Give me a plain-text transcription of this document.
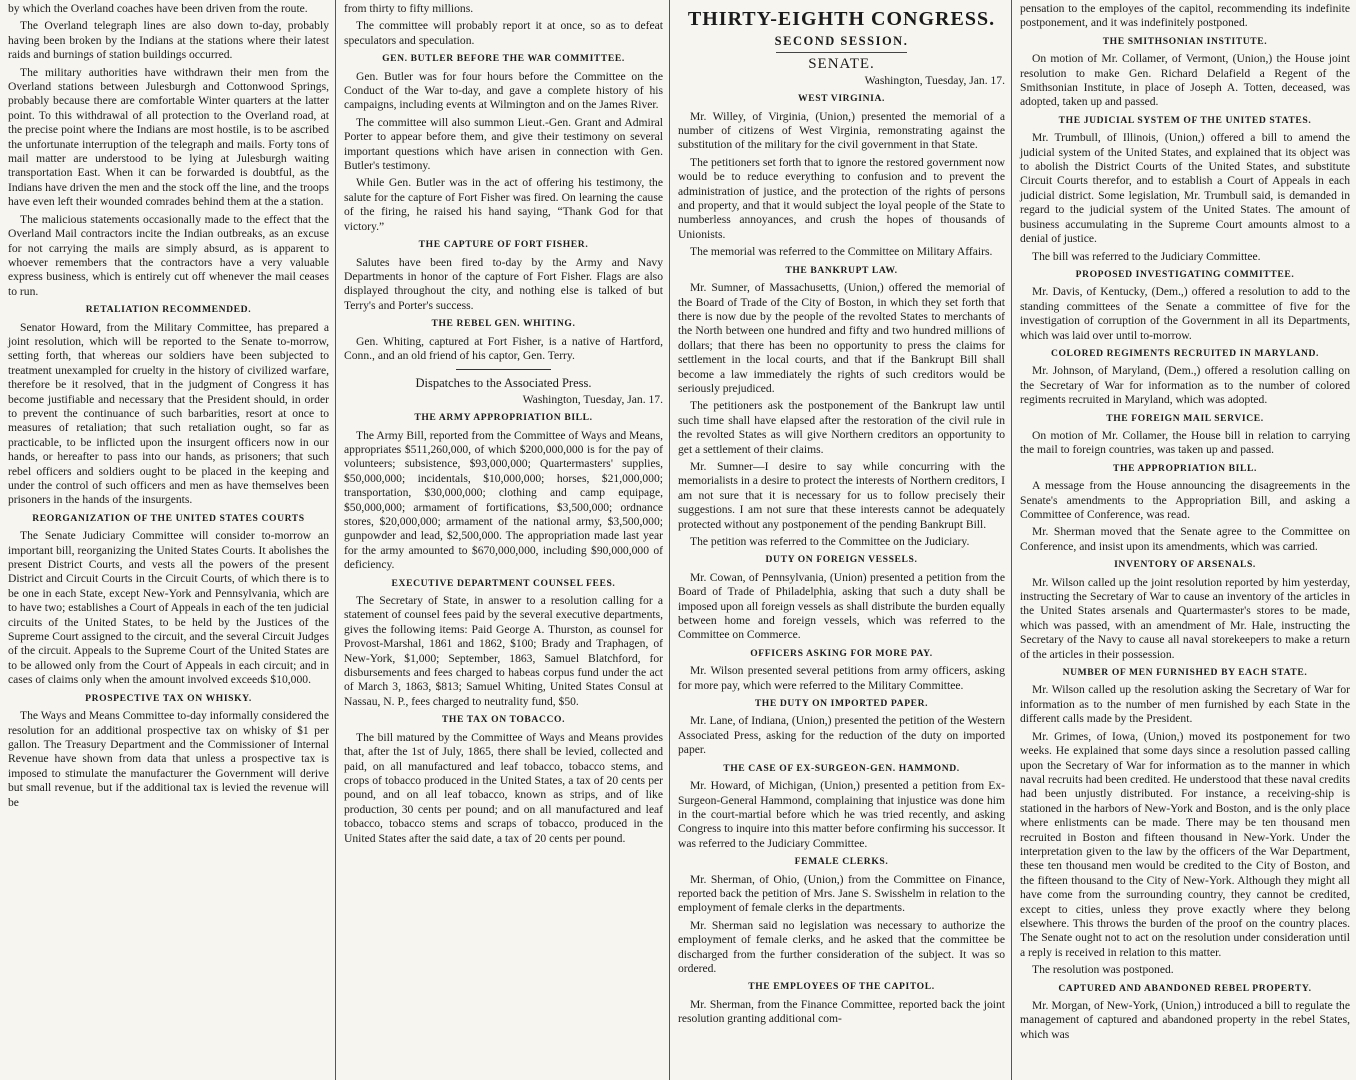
by which the Overland coaches have been driven from the route.

The Overland telegraph lines are also down to-day, probably having been broken by the Indians at the stations where their latest raids and burnings of station buildings occurred.

The military authorities have withdrawn their men from the Overland stations between Julesburgh and Cottonwood Springs, probably because there are comfortable Winter quarters at the latter point. To this withdrawal of all protection to the Overland road, at the precise point where the Indians are most hostile, is to be ascribed the unfortunate interruption of the telegraph and mails. Forty tons of mail matter are understood to be lying at Julesburgh waiting transportation East. When it can be forwarded is doubtful, as the Indians have driven the men and the stock off the line, and the troops have even left their wounded comrades behind them at the a station.

The malicious statements occasionally made to the effect that the Overland Mail contractors incite the Indian outbreaks, as an excuse for not carrying the mails are simply absurd, as is apparent to whoever remembers that the contractors have a very valuable express business, which is entirely cut off whenever the mail ceases to run.

RETALIATION RECOMMENDED.

Senator Howard, from the Military Committee, has prepared a joint resolution, which will be reported to the Senate to-morrow, setting forth, that whereas our soldiers have been subjected to treatment unexampled for cruelty in the history of civilized warfare, therefore be it resolved, that in the judgment of Congress it has become justifiable and necessary that the President should, in order to prevent the continuance of such barbarities, resort at once to measures of retaliation; that such retaliation ought, so far as practicable, to be inflicted upon the insurgent officers now in our hands, or hereafter to pass into our hands, as prisoners; that such rebel officers and soldiers ought to be placed in the keeping and under the control of such officers and men as have themselves been prisoners in the hands of the insurgents.

REORGANIZATION OF THE UNITED STATES COURTS

The Senate Judiciary Committee will consider to-morrow an important bill, reorganizing the United States Courts. It abolishes the present District Courts, and vests all the powers of the present District and Circuit Courts in the Circuit Courts, of which there is to be one in each State, except New-York and Pennsylvania, which are to have two; establishes a Court of Appeals in each of the ten judicial circuits of the United States, to be held by the Justices of the Supreme Court assigned to the circuit, and the several Circuit Judges of the circuit. Appeals to the Supreme Court of the United States are to be allowed only from the Court of Appeals in each circuit; and in cases of claims only when the amount involved exceeds $10,000.

PROSPECTIVE TAX ON WHISKY.

The Ways and Means Committee to-day informally considered the resolution for an additional prospective tax on whisky of $1 per gallon. The Treasury Department and the Commissioner of Internal Revenue have shown from data that unless a prospective tax is imposed to stimulate the manufacturer the Government will derive but small revenue, but if the additional tax is levied the revenue will be

from thirty to fifty millions.

The committee will probably report it at once, so as to defeat speculators and speculation.

GEN. BUTLER BEFORE THE WAR COMMITTEE.

Gen. Butler was for four hours before the Committee on the Conduct of the War to-day, and gave a complete history of his campaigns, including events at Wilmington and on the James River.

The committee will also summon Lieut.-Gen. Grant and Admiral Porter to appear before them, and give their testimony on several important questions which have arisen in connection with Gen. Butler's testimony.

While Gen. Butler was in the act of offering his testimony, the salute for the capture of Fort Fisher was fired. On learning the cause of the firing, he raised his hand saying, “Thank God for that victory.”

THE CAPTURE OF FORT FISHER.

Salutes have been fired to-day by the Army and Navy Departments in honor of the capture of Fort Fisher. Flags are also displayed throughout the city, and nothing else is talked of but Terry's and Porter's success.

THE REBEL GEN. WHITING.

Gen. Whiting, captured at Fort Fisher, is a native of Hartford, Conn., and an old friend of his captor, Gen. Terry.

Dispatches to the Associated Press.
Washington, Tuesday, Jan. 17.
THE ARMY APPROPRIATION BILL.

The Army Bill, reported from the Committee of Ways and Means, appropriates $511,260,000, of which $200,000,000 is for the pay of volunteers; subsistence, $93,000,000; Quartermasters' supplies, $50,000,000; incidentals, $10,000,000; horses, $21,000,000; transportation, $30,000,000; clothing and camp equipage, $50,000,000; armament of fortifications, $3,500,000; ordnance stores, $20,000,000; armament of the national army, $3,500,000; gunpowder and lead, $2,500,000. The appropriation made last year for the army amounted to $670,000,000, including $90,000,000 of deficiency.

EXECUTIVE DEPARTMENT COUNSEL FEES.

The Secretary of State, in answer to a resolution calling for a statement of counsel fees paid by the several executive departments, gives the following items: Paid George A. Thurston, as counsel for Provost-Marshal, 1861 and 1862, $100; Brady and Traphagen, of New-York, $1,000; September, 1863, Samuel Blatchford, for disbursements and fees charged to habeas corpus fund under the act of March 3, 1863, $813; Samuel Whiting, United States Consul at Nassau, N. P., fees charged to neutrality fund, $50.

THE TAX ON TOBACCO.

The bill matured by the Committee of Ways and Means provides that, after the 1st of July, 1865, there shall be levied, collected and paid, on all manufactured and leaf tobacco, tobacco stems, and crops of tobacco produced in the United States, a tax of 20 cents per pound, and on all leaf tobacco, known as strips, and of like production, 30 cents per pound; and on all manufactured and leaf tobacco, tobacco stems and scraps of tobacco, produced in the United States after the said date, a tax of 20 cents per pound.

THIRTY-EIGHTH CONGRESS.
SECOND SESSION.
SENATE.
Washington, Tuesday, Jan. 17.
WEST VIRGINIA.

Mr. Willey, of Virginia, (Union,) presented the memorial of a number of citizens of West Virginia, remonstrating against the substitution of the military for the civil government in that State.

The petitioners set forth that to ignore the restored government now would be to reduce everything to confusion and to prevent the administration of justice, and the protection of the rights of persons and property, and that it would subject the loyal people of the State to numberless annoyances, and crush the hopes of thousands of Unionists.

The memorial was referred to the Committee on Military Affairs.

THE BANKRUPT LAW.

Mr. Sumner, of Massachusetts, (Union,) offered the memorial of the Board of Trade of the City of Boston, in which they set forth that there is now due by the people of the revolted States to merchants of the North between one hundred and fifty and two hundred millions of dollars; that there has been no opportunity to press the claims for settlement in the local courts, and that if the Bankrupt Bill shall become a law immediately the rights of such creditors would be seriously prejudiced.

The petitioners ask the postponement of the Bankrupt law until such time shall have elapsed after the restoration of the civil rule in the revolted States as will give Northern creditors an opportunity to get a settlement of their claims.

Mr. Sumner—I desire to say while concurring with the memorialists in a desire to protect the interests of Northern creditors, I am not sure that it is necessary for us to follow precisely their suggestions. I am not sure that these interests cannot be adequately protected without any postponement of the pending Bankrupt Bill.

The petition was referred to the Committee on the Judiciary.

DUTY ON FOREIGN VESSELS.

Mr. Cowan, of Pennsylvania, (Union) presented a petition from the Board of Trade of Philadelphia, asking that such a duty shall be imposed upon all foreign vessels as shall distribute the burden equally between home and foreign vessels, which was referred to the Committee on Commerce.

OFFICERS ASKING FOR MORE PAY.

Mr. Wilson presented several petitions from army officers, asking for more pay, which were referred to the Military Committee.

THE DUTY ON IMPORTED PAPER.

Mr. Lane, of Indiana, (Union,) presented the petition of the Western Associated Press, asking for the reduction of the duty on imported paper.

THE CASE OF EX-SURGEON-GEN. HAMMOND.

Mr. Howard, of Michigan, (Union,) presented a petition from Ex-Surgeon-General Hammond, complaining that injustice was done him in the court-martial before which he was tried recently, and asking Congress to inquire into this matter before confirming his successor. It was referred to the Judiciary Committee.

FEMALE CLERKS.

Mr. Sherman, of Ohio, (Union,) from the Committee on Finance, reported back the petition of Mrs. Jane S. Swisshelm in relation to the employment of female clerks in the departments.

Mr. Sherman said no legislation was necessary to authorize the employment of female clerks, and he asked that the committee be discharged from the further consideration of the subject. It was so ordered.

THE EMPLOYEES OF THE CAPITOL.

Mr. Sherman, from the Finance Committee, reported back the joint resolution granting additional com-

pensation to the employes of the capitol, recommending its indefinite postponement, and it was indefinitely postponed.

THE SMITHSONIAN INSTITUTE.

On motion of Mr. Collamer, of Vermont, (Union,) the House joint resolution to make Gen. Richard Delafield a Regent of the Smithsonian Institute, in place of Joseph A. Totten, deceased, was adopted, taken up and passed.

THE JUDICIAL SYSTEM OF THE UNITED STATES.

Mr. Trumbull, of Illinois, (Union,) offered a bill to amend the judicial system of the United States, and explained that its object was to abolish the District Courts of the United States, and substitute Circuit Courts therefor, and to establish a Court of Appeals in each judicial district. Some legislation, Mr. Trumbull said, is demanded in regard to the judicial system of the United States. The amount of business accumulating in the Supreme Court amounts almost to a denial of justice.

The bill was referred to the Judiciary Committee.

PROPOSED INVESTIGATING COMMITTEE.

Mr. Davis, of Kentucky, (Dem.,) offered a resolution to add to the standing committees of the Senate a committee of five for the investigation of corruption of the Government in all its Departments, which was laid over until to-morrow.

COLORED REGIMENTS RECRUITED IN MARYLAND.

Mr. Johnson, of Maryland, (Dem.,) offered a resolution calling on the Secretary of War for information as to the number of colored regiments recruited in Maryland, which was adopted.

THE FOREIGN MAIL SERVICE.

On motion of Mr. Collamer, the House bill in relation to carrying the mail to foreign countries, was taken up and passed.

THE APPROPRIATION BILL.

A message from the House announcing the disagreements in the Senate's amendments to the Appropriation Bill, and asking a Committee of Conference, was read.

Mr. Sherman moved that the Senate agree to the Committee on Conference, and insist upon its amendments, which was carried.

INVENTORY OF ARSENALS.

Mr. Wilson called up the joint resolution reported by him yesterday, instructing the Secretary of War to cause an inventory of the articles in the United States arsenals and Quartermaster's stores to be made, which was passed, with an amendment of Mr. Hale, instructing the Secretary of the Navy to cause all naval storekeepers to make a return of the articles in their possession.

NUMBER OF MEN FURNISHED BY EACH STATE.

Mr. Wilson called up the resolution asking the Secretary of War for information as to the number of men furnished by each State in the different calls made by the President.

Mr. Grimes, of Iowa, (Union,) moved its postponement for two weeks. He explained that some days since a resolution passed calling upon the Secretary of War for information as to the manner in which naval recruits had been credited. He understood that these naval credits had been unjustly distributed. For instance, a receiving-ship is stationed in the harbors of New-York and Boston, and is the only place where enlistments can be made. There may be ten thousand men recruited in Boston and fifteen thousand in New-York. Under the interpretation given to the law by the officers of the War Department, these ten thousand men would be credited to the City of Boston, and the fifteen thousand to the City of New-York. Although they might all have come from the surrounding country, they cannot be credited, except to cities, unless they prove exactly where they belong elsewhere. This throws the burden of the proof on the country places. The Senate ought not to act on the resolution under consideration until a reply is received in relation to this matter.

The resolution was postponed.

CAPTURED AND ABANDONED REBEL PROPERTY.

Mr. Morgan, of New-York, (Union,) introduced a bill to regulate the management of captured and abandoned property in the rebel States, which was
